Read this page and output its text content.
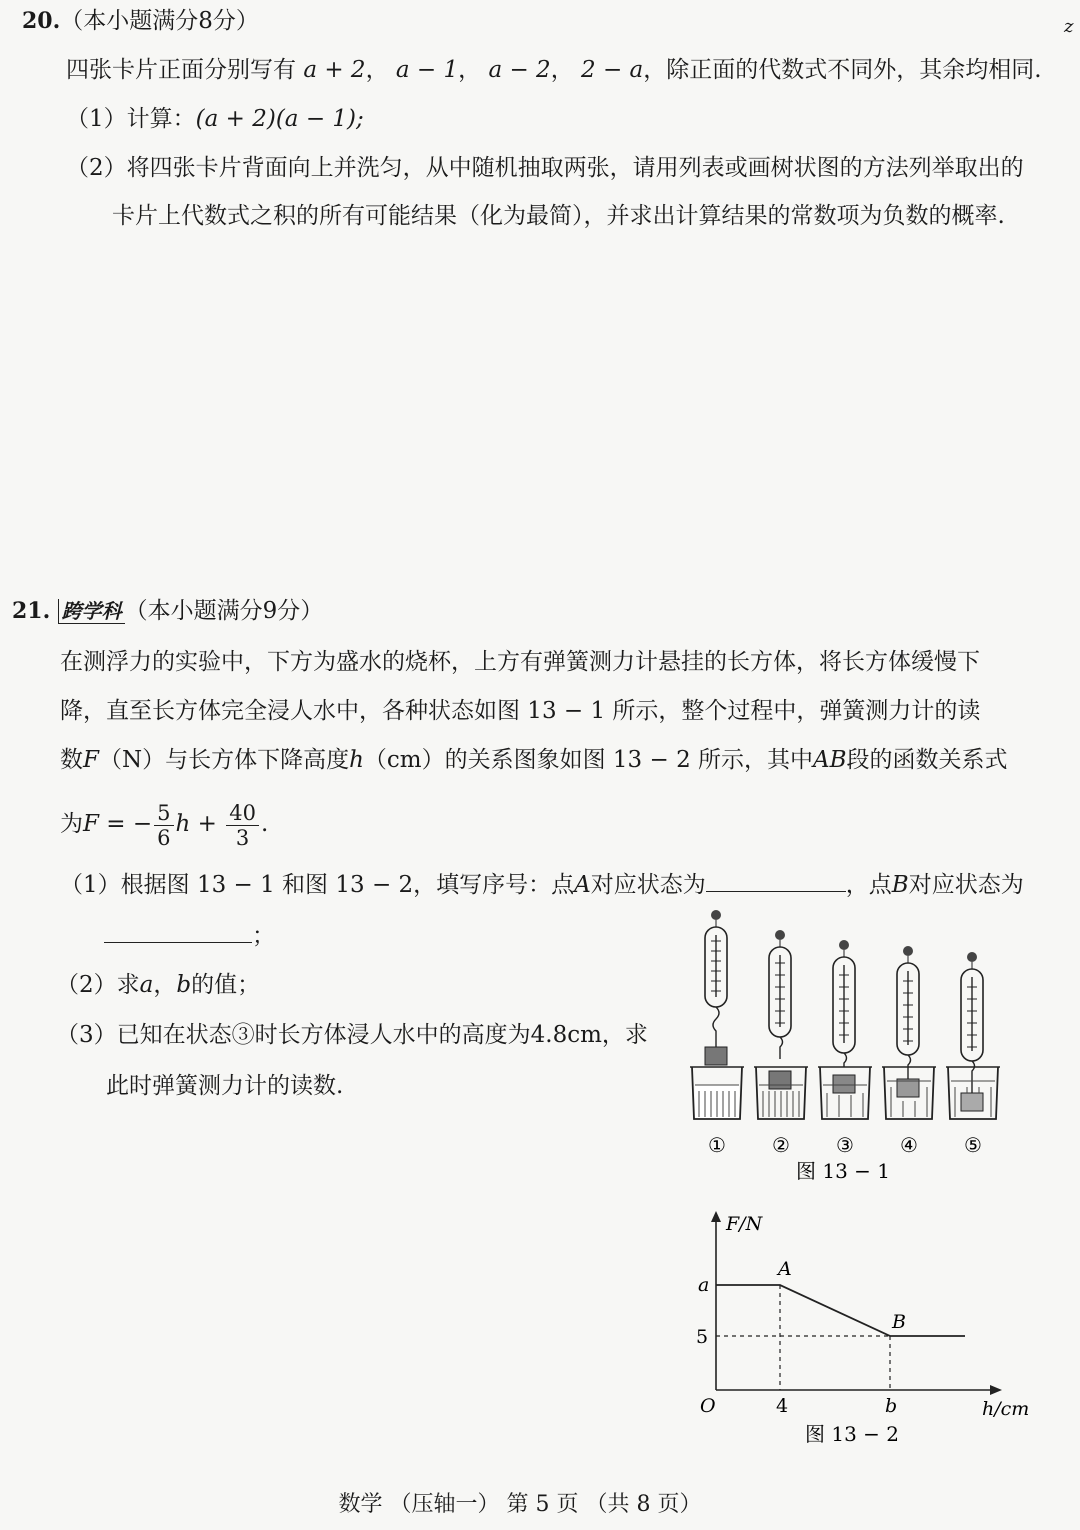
20.（本小题满分8分）	z
四张卡片正面分别写有 a + 2， a − 1， a − 2， 2 − a，除正面的代数式不同外，其余均相同.
（1）计算：(a + 2)(a − 1);
（2）将四张卡片背面向上并洗匀，从中随机抽取两张，请用列表或画树状图的方法列举取出的
卡片上代数式之积的所有可能结果（化为最简），并求出计算结果的常数项为负数的概率.
21. 跨学科 （本小题满分9分）
在测浮力的实验中，下方为盛水的烧杯，上方有弹簧测力计悬挂的长方体，将长方体缓慢下
降，直至长方体完全浸人水中，各种状态如图 13 − 1 所示，整个过程中，弹簧测力计的读
数F（N）与长方体下降高度h（cm）的关系图象如图 13 − 2 所示，其中AB段的函数关系式
为F = − $\frac{5}{6}$ $h + \frac{40}{3}$ .
（1）根据图 13 − 1 和图 13 − 2，填写序号：点A对应状态为	，点B对应状态为
；
（2）求a，b的值；
（3）已知在状态③时长方体浸人水中的高度为4.8cm，求
此时弹簧测力计的读数.
① ② ③ ④ ⑤
图 13 − 1
F/N
a
5
O	4	b	h/cm
A
B
图 13 − 2
数学 （压轴一） 第 5 页 （共 8 页）
